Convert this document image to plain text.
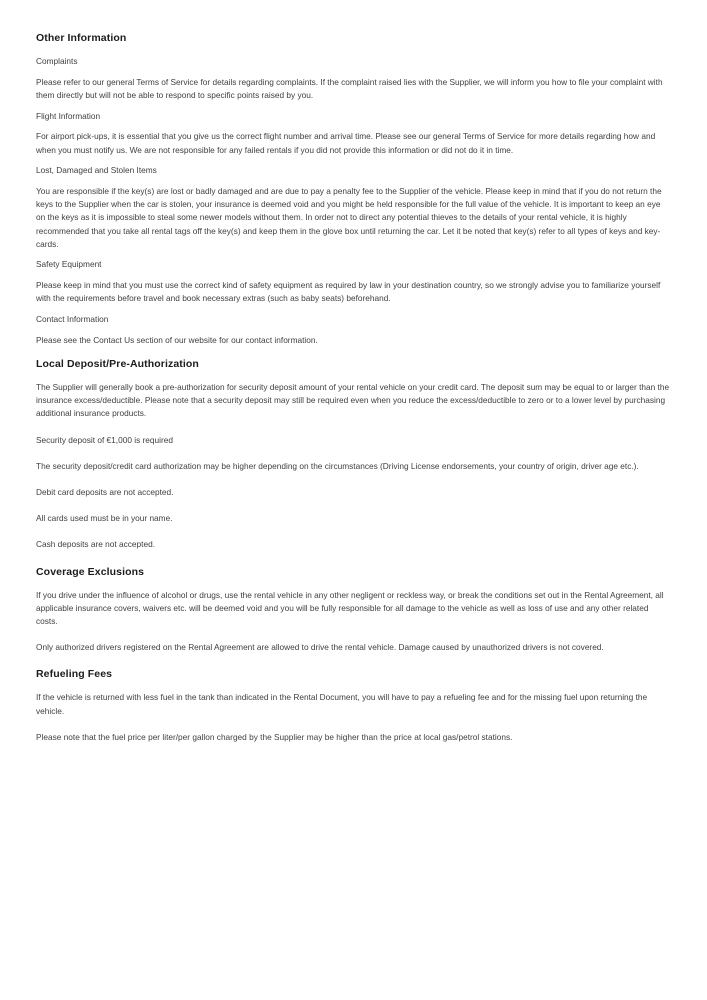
Other Information

Complaints

Please refer to our general Terms of Service for details regarding complaints. If the complaint raised lies with the Supplier, we will inform you how to file your complaint with them directly but will not be able to respond to specific points raised by you.

Flight Information

For airport pick-ups, it is essential that you give us the correct flight number and arrival time. Please see our general Terms of Service for more details regarding how and when you must notify us. We are not responsible for any failed rentals if you did not provide this information or did not do it in time.

Lost, Damaged and Stolen Items

You are responsible if the key(s) are lost or badly damaged and are due to pay a penalty fee to the Supplier of the vehicle. Please keep in mind that if you do not return the keys to the Supplier when the car is stolen, your insurance is deemed void and you might be held responsible for the full value of the vehicle. It is important to keep an eye on the keys as it is impossible to steal some newer models without them. In order not to direct any potential thieves to the details of your rental vehicle, it is highly recommended that you take all rental tags off the key(s) and keep them in the glove box until returning the car. Let it be noted that key(s) refer to all types of keys and key-cards.

Safety Equipment

Please keep in mind that you must use the correct kind of safety equipment as required by law in your destination country, so we strongly advise you to familiarize yourself with the requirements before travel and book necessary extras (such as baby seats) beforehand.

Contact Information

Please see the Contact Us section of our website for our contact information.

Local Deposit/Pre-Authorization

The Supplier will generally book a pre-authorization for security deposit amount of your rental vehicle on your credit card. The deposit sum may be equal to or larger than the insurance excess/deductible. Please note that a security deposit may still be required even when you reduce the excess/deductible to zero or to a lower level by purchasing additional insurance products.

Security deposit of €1,000 is required

The security deposit/credit card authorization may be higher depending on the circumstances (Driving License endorsements, your country of origin, driver age etc.).

Debit card deposits are not accepted.

All cards used must be in your name.

Cash deposits are not accepted.

Coverage Exclusions

If you drive under the influence of alcohol or drugs, use the rental vehicle in any other negligent or reckless way, or break the conditions set out in the Rental Agreement, all applicable insurance covers, waivers etc. will be deemed void and you will be fully responsible for all damage to the vehicle as well as loss of use and any other related costs.

Only authorized drivers registered on the Rental Agreement are allowed to drive the rental vehicle. Damage caused by unauthorized drivers is not covered.

Refueling Fees

If the vehicle is returned with less fuel in the tank than indicated in the Rental Document, you will have to pay a refueling fee and for the missing fuel upon returning the vehicle.

Please note that the fuel price per liter/per gallon charged by the Supplier may be higher than the price at local gas/petrol stations.
